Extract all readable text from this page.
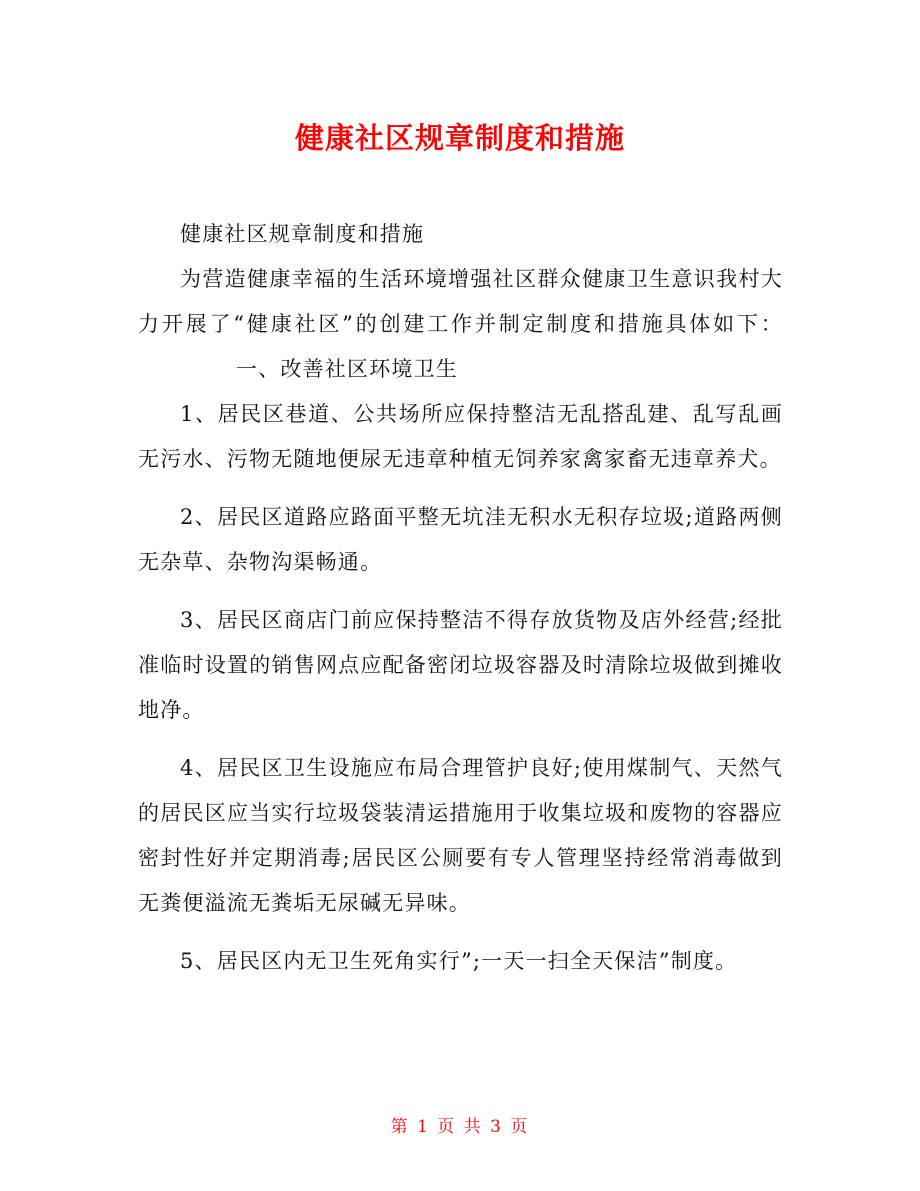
健康社区规章制度和措施

健康社区规章制度和措施

为营造健康幸福的生活环境增强社区群众健康卫生意识我村大力开展了“健康社区”的创建工作并制定制度和措施具体如下：一、改善社区环境卫生

1、居民区巷道、公共场所应保持整洁无乱搭乱建、乱写乱画无污水、污物无随地便尿无违章种植无饲养家禽家畜无违章养犬。

2、居民区道路应路面平整无坑洼无积水无积存垃圾;道路两侧无杂草、杂物沟渠畅通。

3、居民区商店门前应保持整洁不得存放货物及店外经营;经批准临时设置的销售网点应配备密闭垃圾容器及时清除垃圾做到摊收地净。

4、居民区卫生设施应布局合理管护良好;使用煤制气、天然气的居民区应当实行垃圾袋装清运措施用于收集垃圾和废物的容器应密封性好并定期消毒;居民区公厕要有专人管理坚持经常消毒做到无粪便溢流无粪垢无尿碱无异味。

5、居民区内无卫生死角实行”;一天一扫全天保洁”制度。

第 1 页 共 3 页
